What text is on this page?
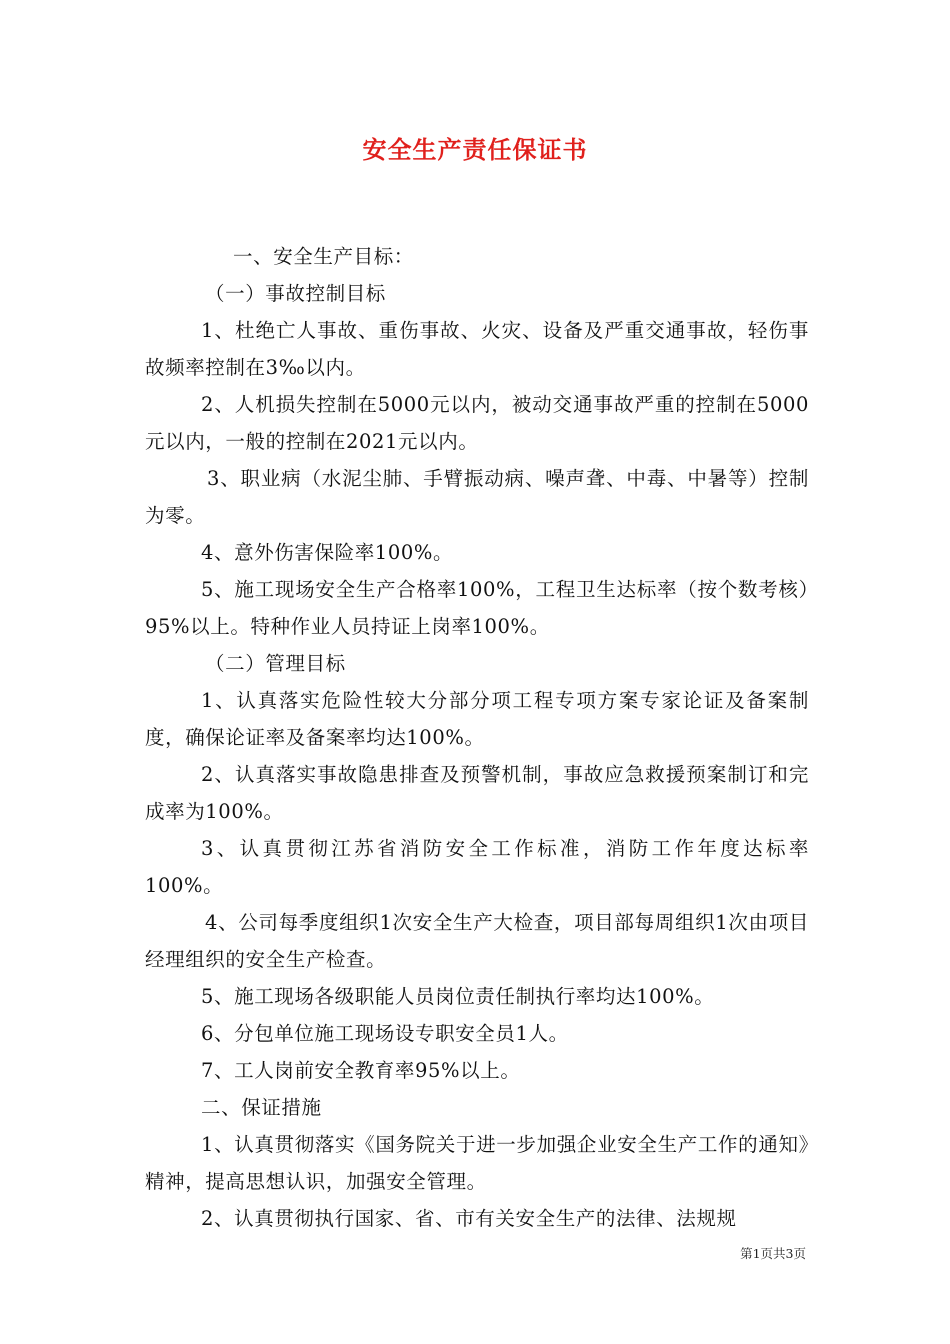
安全生产责任保证书

一、安全生产目标：

（一）事故控制目标

1、杜绝亡人事故、重伤事故、火灾、设备及严重交通事故，轻伤事故频率控制在3‰以内。

2、人机损失控制在5000元以内，被动交通事故严重的控制在5000元以内，一般的控制在2021元以内。

3、职业病（水泥尘肺、手臂振动病、噪声聋、中毒、中暑等）控制为零。

4、意外伤害保险率100%。

5、施工现场安全生产合格率100%，工程卫生达标率（按个数考核）95%以上。特种作业人员持证上岗率100%。

（二）管理目标

1、认真落实危险性较大分部分项工程专项方案专家论证及备案制度，确保论证率及备案率均达100%。

2、认真落实事故隐患排查及预警机制，事故应急救援预案制订和完成率为100%。

3、认真贯彻江苏省消防安全工作标准，消防工作年度达标率100%。

4、公司每季度组织1次安全生产大检查，项目部每周组织1次由项目经理组织的安全生产检查。

5、施工现场各级职能人员岗位责任制执行率均达100%。

6、分包单位施工现场设专职安全员1人。

7、工人岗前安全教育率95%以上。

二、保证措施

1、认真贯彻落实《国务院关于进一步加强企业安全生产工作的通知》精神，提高思想认识，加强安全管理。

2、认真贯彻执行国家、省、市有关安全生产的法律、法规规

第1页共3页
